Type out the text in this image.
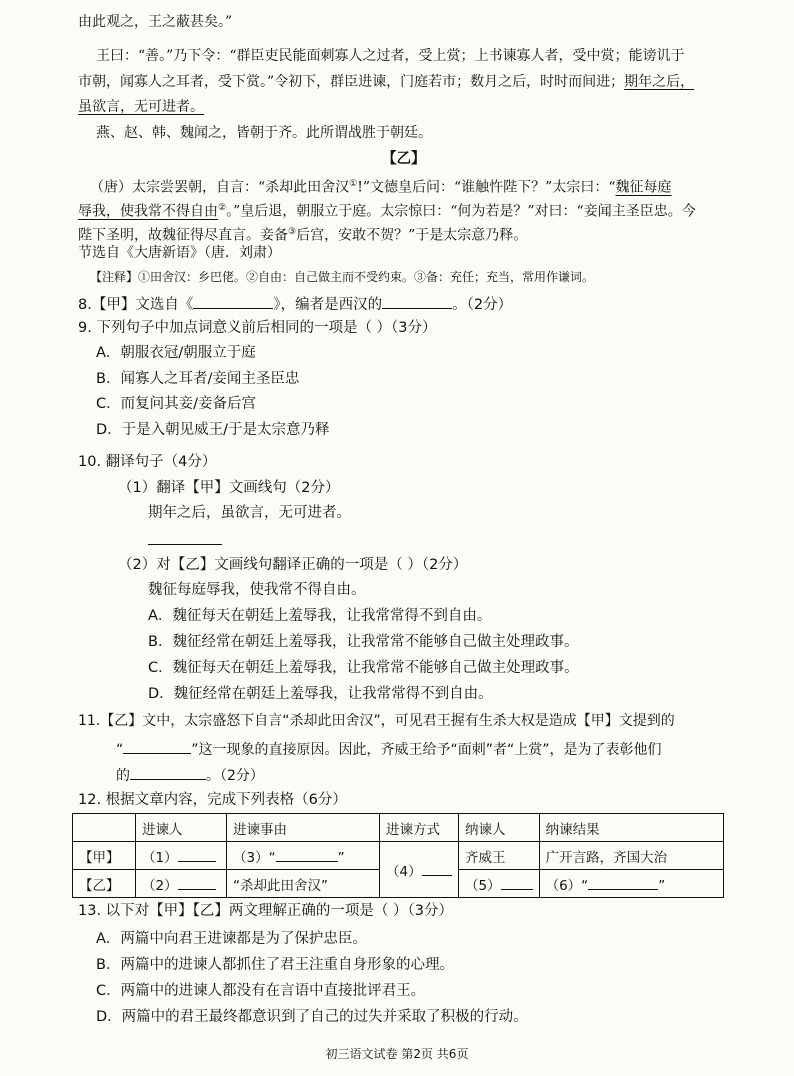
由此观之，王之蔽甚矣。”
王曰：“善。”乃下令：“群臣吏民能面刺寡人之过者，受上赏；上书谏寡人者，受中赏；能谤讥于
市朝，闻寡人之耳者，受下赏。”令初下，群臣进谏，门庭若市；数月之后，时时而间进；期年之后，
虽欲言，无可进者。
燕、赵、韩、魏闻之，皆朝于齐。此所谓战胜于朝廷。
【乙】
（唐）太宗尝罢朝，自言：“杀却此田舍汉①!”文德皇后问：“谁触忤陛下？”太宗曰：“魏征每庭
辱我，使我常不得自由②。”皇后退，朝服立于庭。太宗惊曰：“何为若是？”对曰：“妾闻主圣臣忠。今
陛下圣明，故魏征得尽直言。妾备③后宫，安敢不贺？”于是太宗意乃释。
节选自《大唐新语》（唐．刘肃）
【注释】①田舍汉：乡巴佬。②自由：自己做主而不受约束。③备：充任；充当，常用作谦词。
8.【甲】文选自《	》，编者是西汉的	。（2分）
9. 下列句子中加点词意义前后相同的一项是（ ）（3分）
A．朝服衣冠/朝服立于庭
B．闻寡人之耳者/妾闻主圣臣忠
C．而复问其妾/妾备后宫
D．于是入朝见威王/于是太宗意乃释
10. 翻译句子（4分）
（1）翻译【甲】文画线句（2分）
期年之后，虽欲言，无可进者。
（2）对【乙】文画线句翻译正确的一项是（ ）（2分）
魏征每庭辱我，使我常不得自由。
A．魏征每天在朝廷上羞辱我，让我常常得不到自由。
B．魏征经常在朝廷上羞辱我，让我常常不能够自己做主处理政事。
C．魏征每天在朝廷上羞辱我，让我常常不能够自己做主处理政事。
D．魏征经常在朝廷上羞辱我，让我常常得不到自由。
11.【乙】文中，太宗盛怒下自言“杀却此田舍汉”，可见君王握有生杀大权是造成【甲】文提到的
“	”这一现象的直接原因。因此，齐威王给予“面刺”者“上赏”，是为了表彰他们
的	。（2分）
12. 根据文章内容，完成下列表格（6分）
	进谏人	进谏事由	进谏方式	纳谏人	纳谏结果
【甲】	（1）	（3）“ ”	（4）	齐威王	广开言路，齐国大治
【乙】	（2）	“杀却此田舍汉”		（5）	（6）“ ”
13. 以下对【甲】【乙】两文理解正确的一项是（ ）（3分）
A．两篇中向君王进谏都是为了保护忠臣。
B．两篇中的进谏人都抓住了君王注重自身形象的心理。
C．两篇中的进谏人都没有在言语中直接批评君王。
D．两篇中的君王最终都意识到了自己的过失并采取了积极的行动。
初三语文试卷 第2页 共6页
